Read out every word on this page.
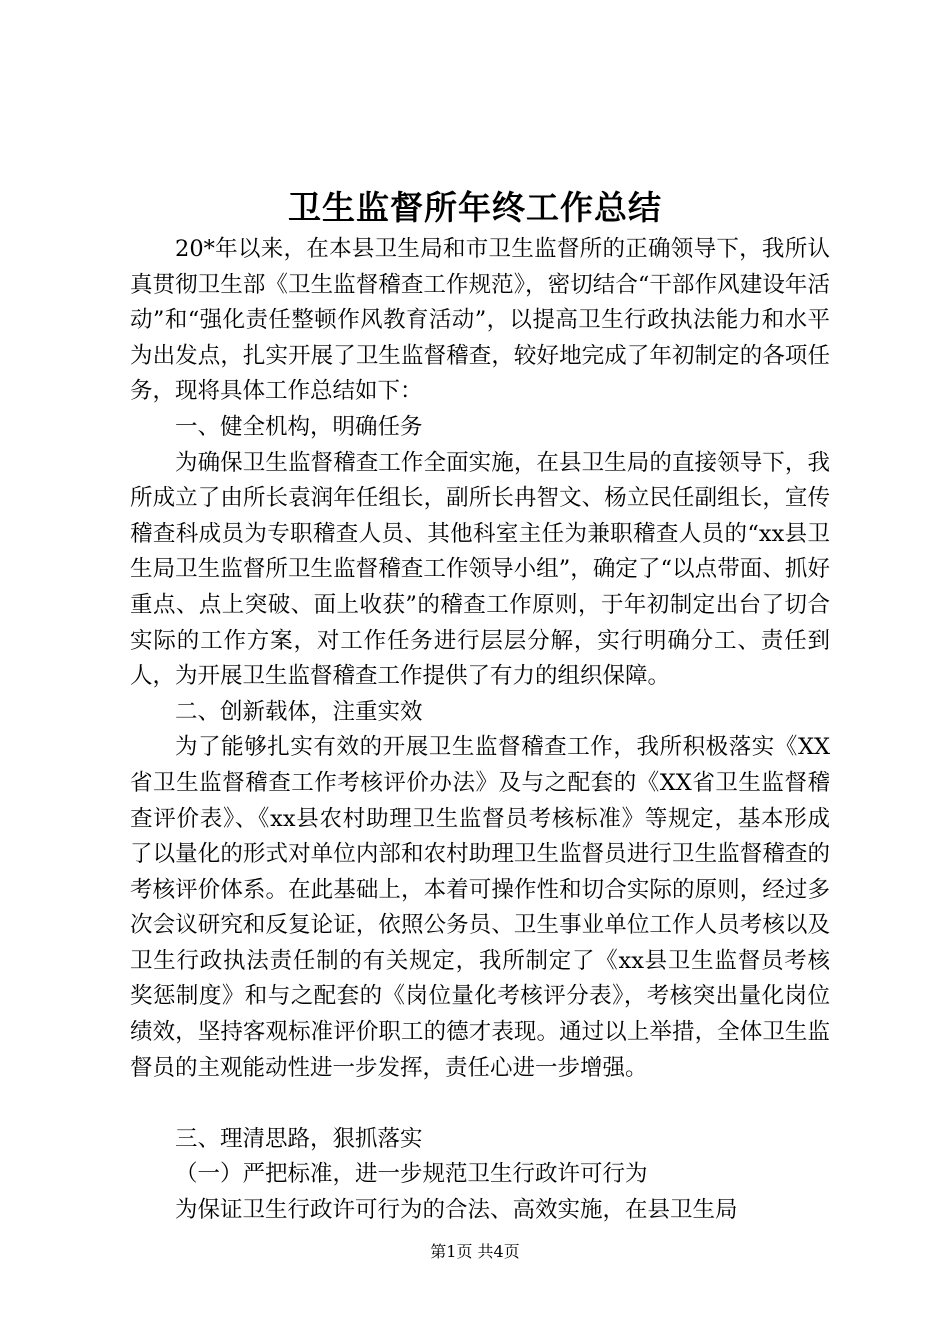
卫生监督所年终工作总结

20*年以来，在本县卫生局和市卫生监督所的正确领导下，我所认真贯彻卫生部《卫生监督稽查工作规范》，密切结合“干部作风建设年活动”和“强化责任整顿作风教育活动”，以提高卫生行政执法能力和水平为出发点，扎实开展了卫生监督稽查，较好地完成了年初制定的各项任务，现将具体工作总结如下：

一、健全机构，明确任务

为确保卫生监督稽查工作全面实施，在县卫生局的直接领导下，我所成立了由所长袁润年任组长，副所长冉智文、杨立民任副组长，宣传稽查科成员为专职稽查人员、其他科室主任为兼职稽查人员的“xx县卫生局卫生监督所卫生监督稽查工作领导小组”，确定了“以点带面、抓好重点、点上突破、面上收获”的稽查工作原则，于年初制定出台了切合实际的工作方案，对工作任务进行层层分解，实行明确分工、责任到人，为开展卫生监督稽查工作提供了有力的组织保障。

二、创新载体，注重实效

为了能够扎实有效的开展卫生监督稽查工作，我所积极落实《XX省卫生监督稽查工作考核评价办法》及与之配套的《XX省卫生监督稽查评价表》、《xx县农村助理卫生监督员考核标准》等规定，基本形成了以量化的形式对单位内部和农村助理卫生监督员进行卫生监督稽查的考核评价体系。在此基础上，本着可操作性和切合实际的原则，经过多次会议研究和反复论证，依照公务员、卫生事业单位工作人员考核以及卫生行政执法责任制的有关规定，我所制定了《xx县卫生监督员考核奖惩制度》和与之配套的《岗位量化考核评分表》，考核突出量化岗位绩效，坚持客观标准评价职工的德才表现。通过以上举措，全体卫生监督员的主观能动性进一步发挥，责任心进一步增强。

三、理清思路，狠抓落实

（一）严把标准，进一步规范卫生行政许可行为

为保证卫生行政许可行为的合法、高效实施，在县卫生局

第1页 共4页
